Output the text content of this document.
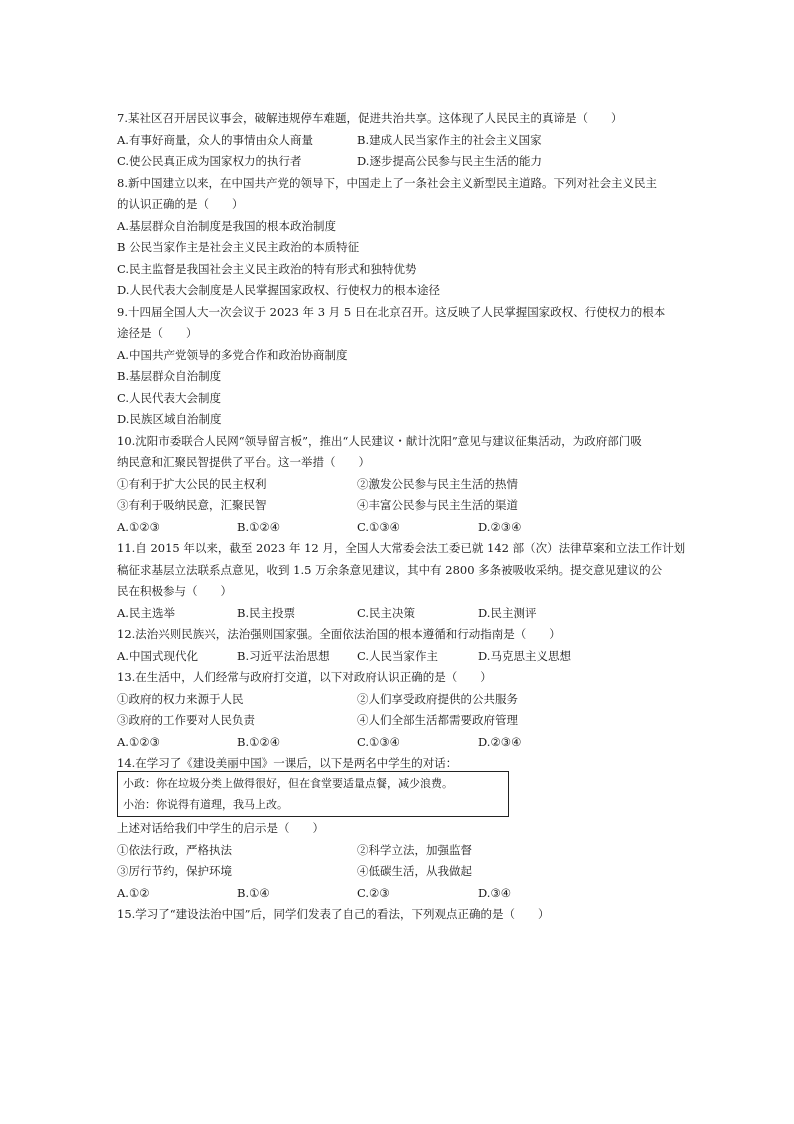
7.某社区召开居民议事会，破解违规停车难题，促进共治共享。这体现了人民民主的真谛是（　　）
A.有事好商量，众人的事情由众人商量	B.建成人民当家作主的社会主义国家
C.使公民真正成为国家权力的执行者	D.逐步提高公民参与民主生活的能力
8.新中国建立以来，在中国共产党的领导下，中国走上了一条社会主义新型民主道路。下列对社会主义民主
的认识正确的是（　　）
A.基层群众自治制度是我国的根本政治制度
B 公民当家作主是社会主义民主政治的本质特征
C.民主监督是我国社会主义民主政治的特有形式和独特优势
D.人民代表大会制度是人民掌握国家政权、行使权力的根本途径
9.十四届全国人大一次会议于 2023 年 3 月 5 日在北京召开。这反映了人民掌握国家政权、行使权力的根本
途径是（　　）
A.中国共产党领导的多党合作和政治协商制度
B.基层群众自治制度
C.人民代表大会制度
D.民族区域自治制度
10.沈阳市委联合人民网“领导留言板”，推出“人民建议・献计沈阳”意见与建议征集活动，为政府部门吸
纳民意和汇聚民智提供了平台。这一举措（　　）
①有利于扩大公民的民主权利	②激发公民参与民主生活的热情
③有利于吸纳民意，汇聚民智	④丰富公民参与民主生活的渠道
A.①②③	B.①②④	C.①③④	D.②③④
11.自 2015 年以来，截至 2023 年 12 月，全国人大常委会法工委已就 142 部（次）法律草案和立法工作计划
稿征求基层立法联系点意见，收到 1.5 万余条意见建议，其中有 2800 多条被吸收采纳。提交意见建议的公
民在积极参与（　　）
A.民主选举	B.民主投票	C.民主决策	D.民主测评
12.法治兴则民族兴，法治强则国家强。全面依法治国的根本遵循和行动指南是（　　）
A.中国式现代化	B.习近平法治思想 C.人民当家作主	D.马克思主义思想
13.在生活中，人们经常与政府打交道，以下对政府认识正确的是（　　）
①政府的权力来源于人民	②人们享受政府提供的公共服务
③政府的工作要对人民负责	④人们全部生活都需要政府管理
A.①②③	B.①②④	C.①③④	D.②③④
14.在学习了《建设美丽中国》一课后，以下是两名中学生的对话：
小政：你在垃圾分类上做得很好，但在食堂要适量点餐，减少浪费。
小治：你说得有道理，我马上改。
上述对话给我们中学生的启示是（　　）
①依法行政，严格执法	②科学立法，加强监督
③厉行节约，保护环境	④低碳生活，从我做起
A.①②	B.①④	C.②③	D.③④
15.学习了“建设法治中国”后，同学们发表了自己的看法，下列观点正确的是（　　）
